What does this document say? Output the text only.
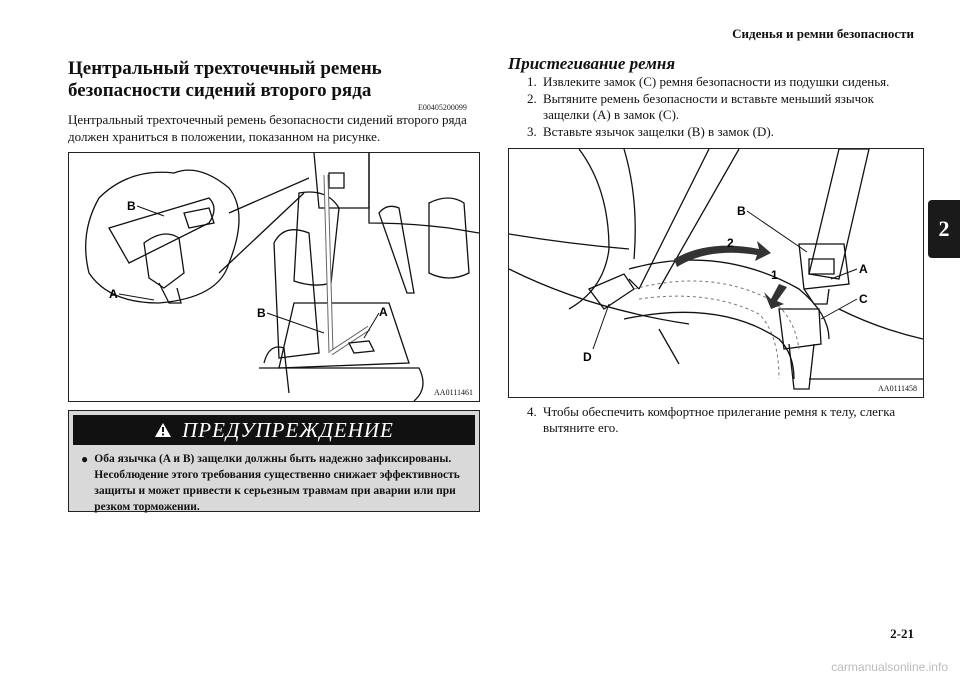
Сиденья и ремни безопасности
2
Центральный трехточечный ремень безопасности сидений второго ряда
E00405200099
Центральный трехточечный ремень безопасности сидений второго ряда должен храниться в положении, показанном на рисунке.
B
A
B	A
AA0111461
ПРЕДУПРЕЖДЕНИЕ
● Оба язычка (A и B) защелки должны быть надежно зафиксированы. Несоблюдение этого требования существенно снижает эффективность защиты и может привести к серьезным травмам при аварии или при резком торможении.
Пристегивание ремня
1. Извлеките замок (C) ремня безопасности из подушки сиденья.
2. Вытяните ремень безопасности и вставьте меньший язычок защелки (A) в замок (C).
3. Вставьте язычок защелки (B) в замок (D).
B
2
1	A
C
D
AA0111458
4. Чтобы обеспечить комфортное прилегание ремня к телу, слегка вытяните его.
2-21
carmanualsonline.info
